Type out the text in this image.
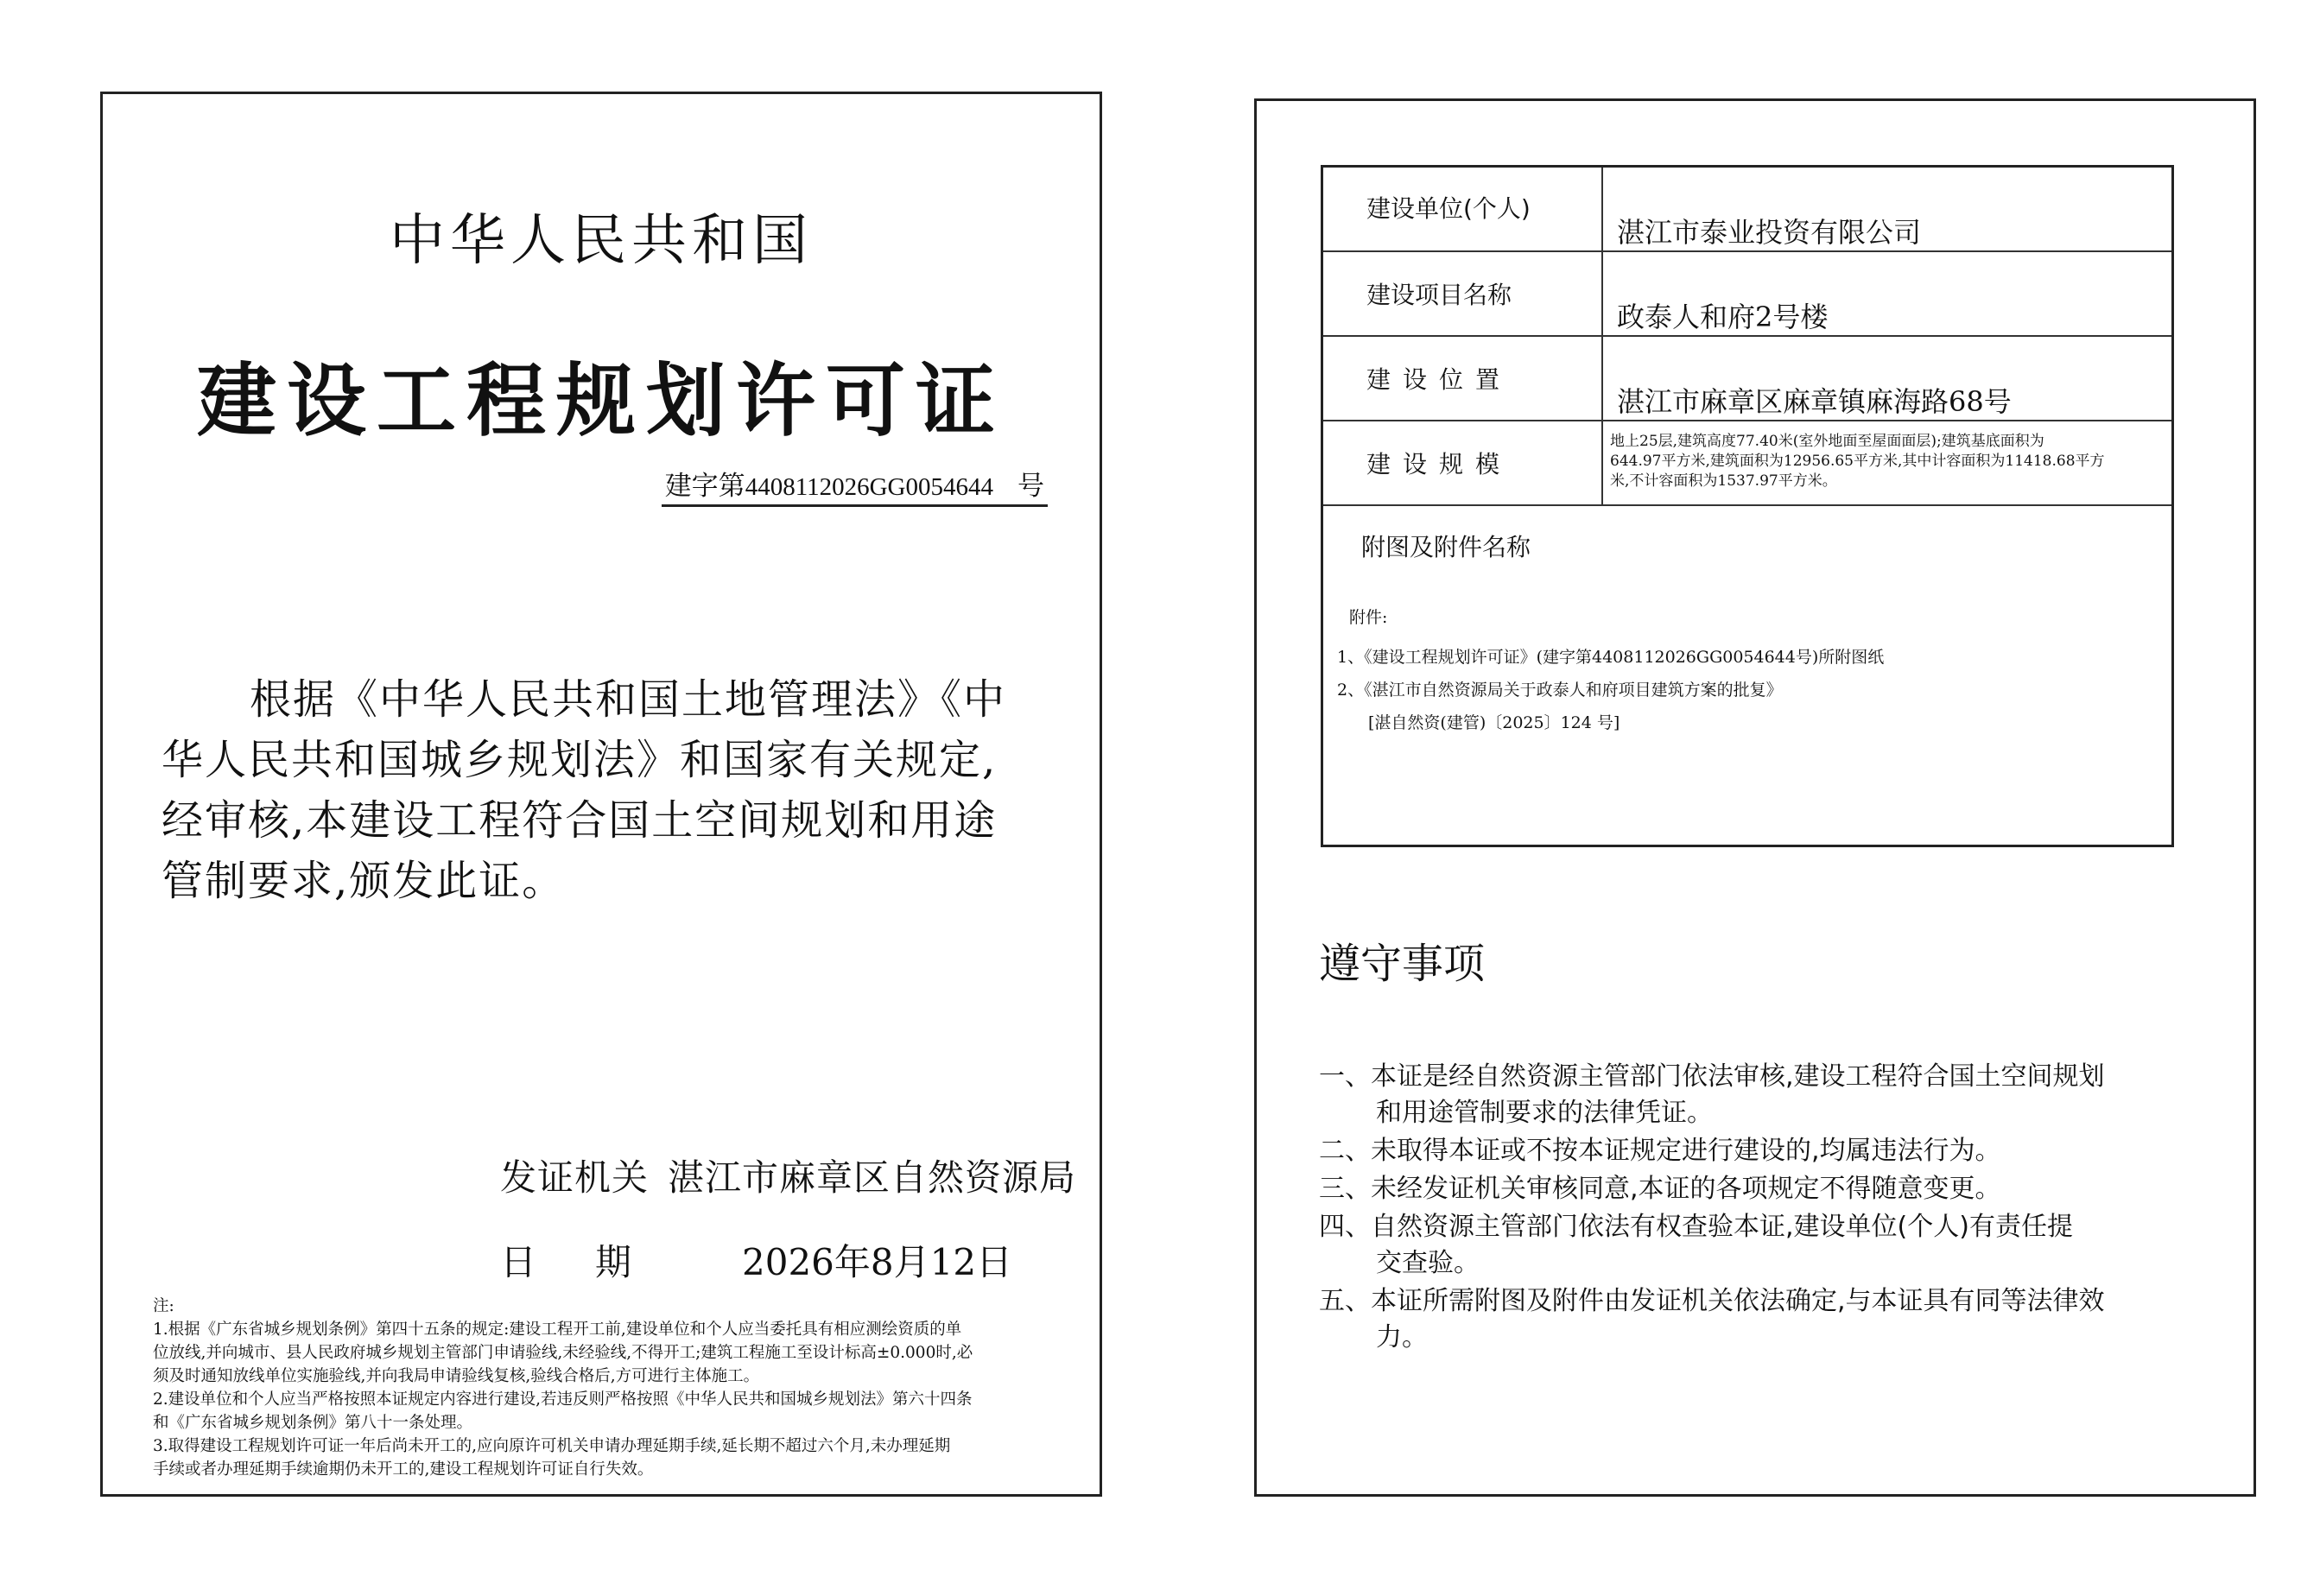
中华人民共和国
建设工程规划许可证
建字第4408112026GG0054644 号
根据《中华人民共和国土地管理法》《中
华人民共和国城乡规划法》和国家有关规定,
经审核,本建设工程符合国土空间规划和用途
管制要求,颁发此证。
发证机关 湛江市麻章区自然资源局
日 期	2026年8月12日
注:
1.根据《广东省城乡规划条例》第四十五条的规定:建设工程开工前,建设单位和个人应当委托具有相应测绘资质的单
位放线,并向城市、县人民政府城乡规划主管部门申请验线,未经验线,不得开工;建筑工程施工至设计标高±0.000时,必
须及时通知放线单位实施验线,并向我局申请验线复核,验线合格后,方可进行主体施工。
2.建设单位和个人应当严格按照本证规定内容进行建设,若违反则严格按照《中华人民共和国城乡规划法》第六十四条
和《广东省城乡规划条例》第八十一条处理。
3.取得建设工程规划许可证一年后尚未开工的,应向原许可机关申请办理延期手续,延长期不超过六个月,未办理延期
手续或者办理延期手续逾期仍未开工的,建设工程规划许可证自行失效。
建设单位(个人)
湛江市泰业投资有限公司
建设项目名称
政泰人和府2号楼
建设位置
湛江市麻章区麻章镇麻海路68号
建设规模
地上25层,建筑高度77.40米(室外地面至屋面面层);建筑基底面积为
644.97平方米,建筑面积为12956.65平方米,其中计容面积为11418.68平方
米,不计容面积为1537.97平方米。
附图及附件名称
附件:
1、《建设工程规划许可证》(建字第4408112026GG0054644号)所附图纸
2、《湛江市自然资源局关于政泰人和府项目建筑方案的批复》
[湛自然资(建管)〔2025〕124 号]
遵守事项
一、本证是经自然资源主管部门依法审核,建设工程符合国土空间规划
和用途管制要求的法律凭证。
二、未取得本证或不按本证规定进行建设的,均属违法行为。
三、未经发证机关审核同意,本证的各项规定不得随意变更。
四、自然资源主管部门依法有权查验本证,建设单位(个人)有责任提
交查验。
五、本证所需附图及附件由发证机关依法确定,与本证具有同等法律效
力。
